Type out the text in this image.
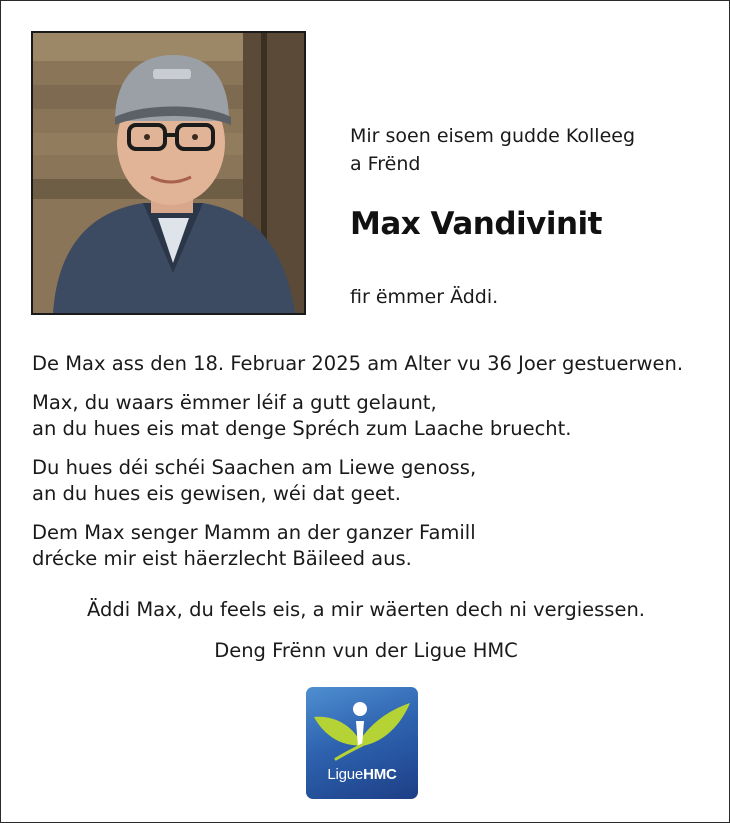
Mir soen eisem gudde Kolleeg
a Frënd
Max Vandivinit
fir ëmmer Äddi.

De Max ass den 18. Februar 2025 am Alter vu 36 Joer gestuerwen.

Max, du waars ëmmer léif a gutt gelaunt,
an du hues eis mat denge Spréch zum Laache bruecht.

Du hues déi schéi Saachen am Liewe genoss,
an du hues eis gewisen, wéi dat geet.

Dem Max senger Mamm an der ganzer Famill
drécke mir eist häerzlecht Bäileed aus.

Äddi Max, du feels eis, a mir wäerten dech ni vergiessen.
Deng Frënn vun der Ligue HMC
LigueHMC
